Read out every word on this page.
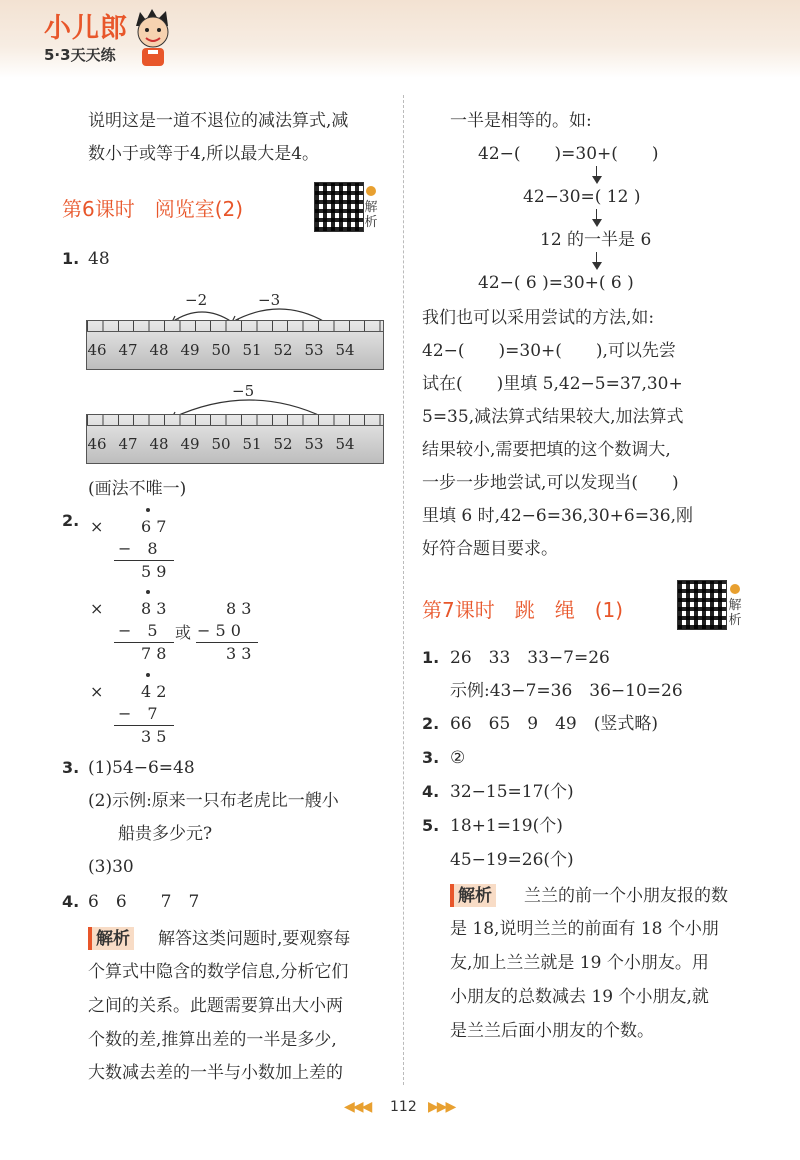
小儿郎
5·3天天练
说明这是一道不退位的减法算式,减
数小于或等于4,所以最大是4。
第6课时　阅览室(2)	解
析
1. 48
−2	−3
46 47 48 49 50 51 52 53 54
−5
46 47 48 49 50 51 52 53 54
(画法不唯一)
2. × 6 7
−　8
5 9
× 8 3
−　5 或
7 8
8 3
− 5 0
3 3
× 4 2
−　7
3 5
3. (1)54−6=48
(2)示例:原来一只布老虎比一艘小
船贵多少元?
(3)30
4. 6　6　　7　7
解析 解答这类问题时,要观察每
个算式中隐含的数学信息,分析它们
之间的关系。此题需要算出大小两
个数的差,推算出差的一半是多少,
大数减去差的一半与小数加上差的
一半是相等的。如:
42−(　　)=30+(　　)
42−30=( 12 )
12 的一半是 6
42−( 6 )=30+( 6 )
我们也可以采用尝试的方法,如:
42−(　　)=30+(　　),可以先尝
试在(　　)里填 5,42−5=37,30+
5=35,减法算式结果较大,加法算式
结果较小,需要把填的这个数调大,
一步一步地尝试,可以发现当(　　)
里填 6 时,42−6=36,30+6=36,刚
好符合题目要求。
第7课时　跳　绳　(1)	解
析
1. 26　33　33−7=26
示例:43−7=36　36−10=26
2. 66　65　9　49　(竖式略)
3. ②
4. 32−15=17(个)
5. 18+1=19(个)
45−19=26(个)
解析 兰兰的前一个小朋友报的数
是 18,说明兰兰的前面有 18 个小朋
友,加上兰兰就是 19 个小朋友。用
小朋友的总数减去 19 个小朋友,就
是兰兰后面小朋友的个数。
◀◀◀ 112 ▶▶▶
